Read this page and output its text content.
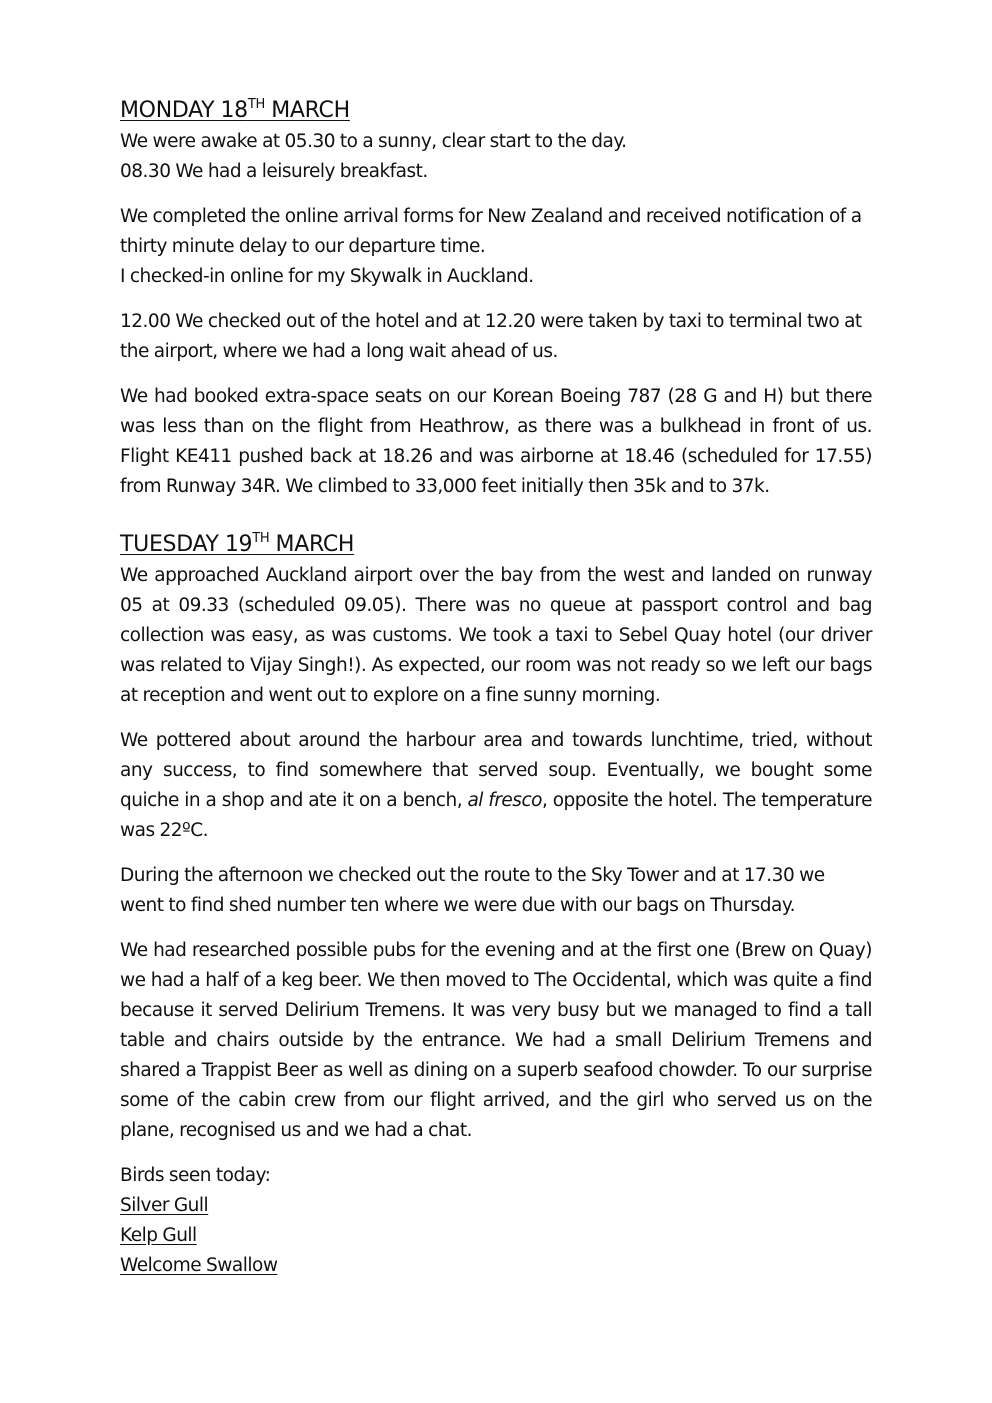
MONDAY 18TH MARCH

We were awake at 05.30 to a sunny, clear start to the day.

08.30 We had a leisurely breakfast.

We completed the online arrival forms for New Zealand and received notification of a thirty minute delay to our departure time.

I checked-in online for my Skywalk in Auckland.

12.00 We checked out of the hotel and at 12.20 were taken by taxi to terminal two at the airport, where we had a long wait ahead of us.

We had booked extra-space seats on our Korean Boeing 787 (28 G and H) but there was less than on the flight from Heathrow, as there was a bulkhead in front of us. Flight KE411 pushed back at 18.26 and was airborne at 18.46 (scheduled for 17.55) from Runway 34R. We climbed to 33,000 feet initially then 35k and to 37k.

TUESDAY 19TH MARCH

We approached Auckland airport over the bay from the west and landed on runway 05 at 09.33 (scheduled 09.05). There was no queue at passport control and bag collection was easy, as was customs. We took a taxi to Sebel Quay hotel (our driver was related to Vijay Singh!). As expected, our room was not ready so we left our bags at reception and went out to explore on a fine sunny morning.

We pottered about around the harbour area and towards lunchtime, tried, without any success, to find somewhere that served soup. Eventually, we bought some quiche in a shop and ate it on a bench, al fresco, opposite the hotel. The temperature was 22ºC.

During the afternoon we checked out the route to the Sky Tower and at 17.30 we went to find shed number ten where we were due with our bags on Thursday.

We had researched possible pubs for the evening and at the first one (Brew on Quay) we had a half of a keg beer. We then moved to The Occidental, which was quite a find because it served Delirium Tremens. It was very busy but we managed to find a tall table and chairs outside by the entrance. We had a small Delirium Tremens and shared a Trappist Beer as well as dining on a superb seafood chowder. To our surprise some of the cabin crew from our flight arrived, and the girl who served us on the plane, recognised us and we had a chat.

Birds seen today:
Silver Gull
Kelp Gull
Welcome Swallow
